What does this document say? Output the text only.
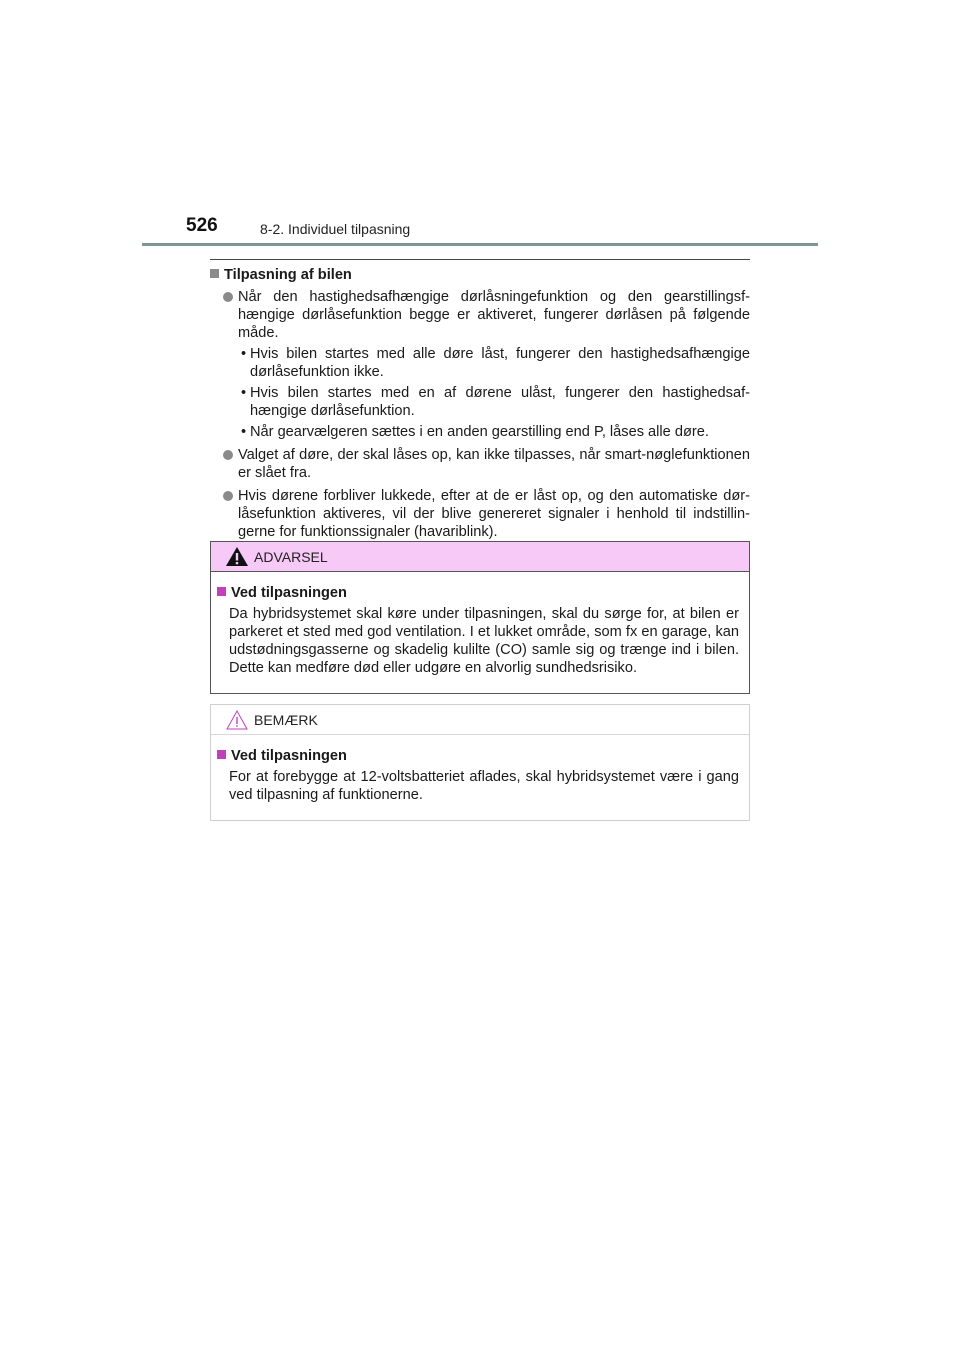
526	8-2. Individuel tilpasning
Tilpasning af bilen
Når den hastighedsafhængige dørlåsningefunktion og den gearstillingsf-hængige dørlåsefunktion begge er aktiveret, fungerer dørlåsen på følgende måde.
• Hvis bilen startes med alle døre låst, fungerer den hastighedsafhængige dørlåsefunktion ikke.
• Hvis bilen startes med en af dørene ulåst, fungerer den hastighedsaf-hængige dørlåsefunktion.
• Når gearvælgeren sættes i en anden gearstilling end P, låses alle døre.
Valget af døre, der skal låses op, kan ikke tilpasses, når smart-nøglefunktionen er slået fra.
Hvis dørene forbliver lukkede, efter at de er låst op, og den automatiske dør-låsefunktion aktiveres, vil der blive genereret signaler i henhold til indstillin-gerne for funktionssignaler (havariblink).
ADVARSEL
Ved tilpasningen
Da hybridsystemet skal køre under tilpasningen, skal du sørge for, at bilen er parkeret et sted med god ventilation. I et lukket område, som fx en garage, kan udstødningsgasserne og skadelig kulilte (CO) samle sig og trænge ind i bilen. Dette kan medføre død eller udgøre en alvorlig sundhedsrisiko.
BEMÆRK
Ved tilpasningen
For at forebygge at 12-voltsbatteriet aflades, skal hybridsystemet være i gang ved tilpasning af funktionerne.
